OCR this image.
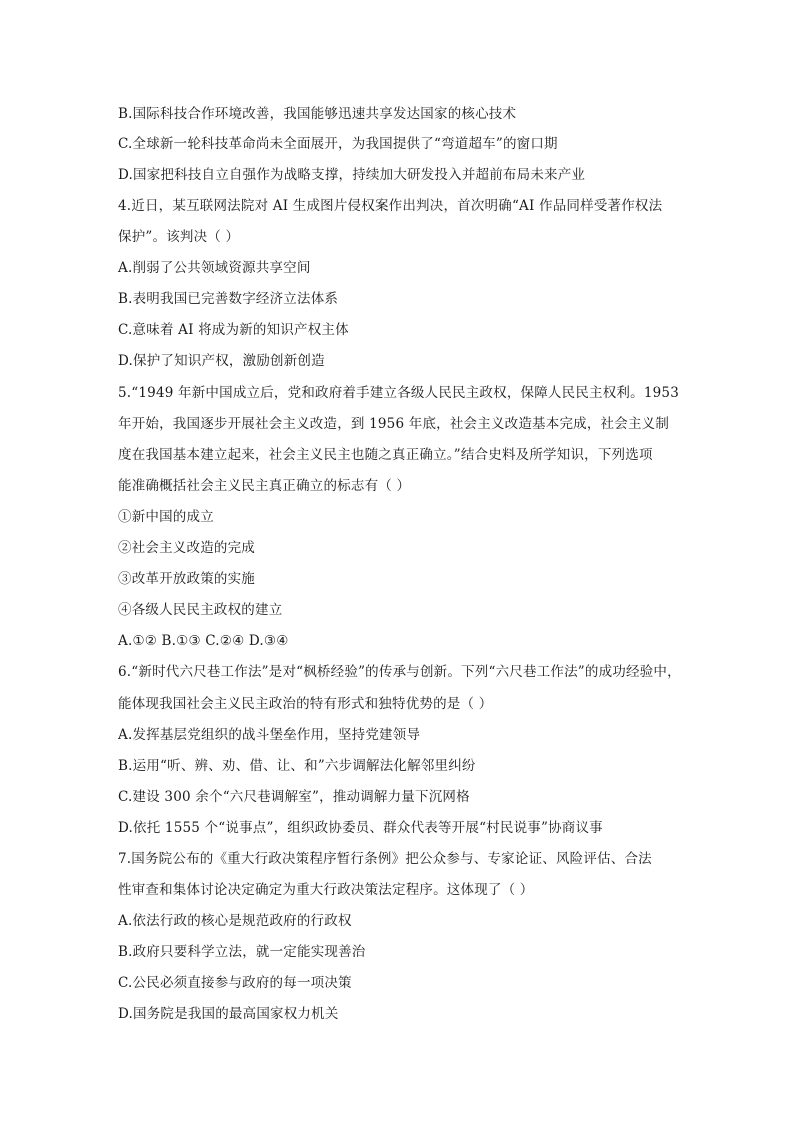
B.国际科技合作环境改善，我国能够迅速共享发达国家的核心技术
C.全球新一轮科技革命尚未全面展开，为我国提供了“弯道超车”的窗口期
D.国家把科技自立自强作为战略支撑，持续加大研发投入并超前布局未来产业
4.近日，某互联网法院对 AI 生成图片侵权案作出判决，首次明确“AI 作品同样受著作权法
保护”。该判决（ ）
A.削弱了公共领域资源共享空间
B.表明我国已完善数字经济立法体系
C.意味着 AI 将成为新的知识产权主体
D.保护了知识产权，激励创新创造
5.“1949 年新中国成立后，党和政府着手建立各级人民民主政权，保障人民民主权利。1953
年开始，我国逐步开展社会主义改造，到 1956 年底，社会主义改造基本完成，社会主义制
度在我国基本建立起来，社会主义民主也随之真正确立。”结合史料及所学知识，下列选项
能准确概括社会主义民主真正确立的标志有（ ）
①新中国的成立
②社会主义改造的完成
③改革开放政策的实施
④各级人民民主政权的建立
A.①② B.①③ C.②④ D.③④
6.“新时代六尺巷工作法”是对“枫桥经验”的传承与创新。下列“六尺巷工作法”的成功经验中，
能体现我国社会主义民主政治的特有形式和独特优势的是（ ）
A.发挥基层党组织的战斗堡垒作用，坚持党建领导
B.运用“听、辨、劝、借、让、和”六步调解法化解邻里纠纷
C.建设 300 余个“六尺巷调解室”，推动调解力量下沉网格
D.依托 1555 个“说事点”，组织政协委员、群众代表等开展“村民说事”协商议事
7.国务院公布的《重大行政决策程序暂行条例》把公众参与、专家论证、风险评估、合法
性审查和集体讨论决定确定为重大行政决策法定程序。这体现了（ ）
A.依法行政的核心是规范政府的行政权
B.政府只要科学立法，就一定能实现善治
C.公民必须直接参与政府的每一项决策
D.国务院是我国的最高国家权力机关
